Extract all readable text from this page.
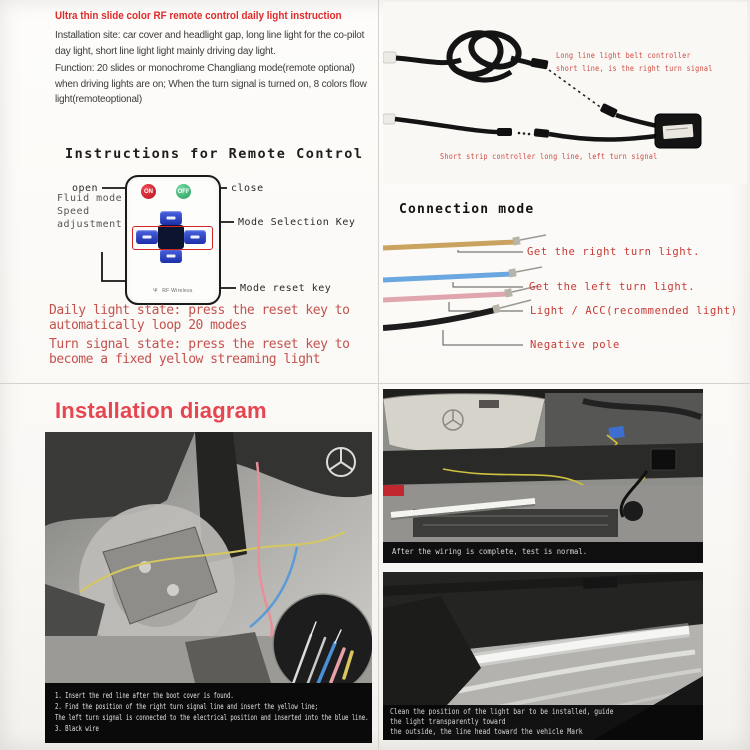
Ultra thin slide color RF remote control daily light instruction

Installation site: car cover and headlight gap, long line light for the co-pilot day light, short line light light mainly driving day light.

Function: 20 slides or monochrome Changliang mode(remote optional) when driving lights are on; When the turn signal is turned on, 8 colors flow light(remoteoptional)

Instructions for Remote Control
ON	OFF
Ψ RF Wireless
open	close
Fluid mode
Speed
adjustment	Mode Selection Key
Mode reset key

Daily light state: press the reset key to automatically loop 20 modes

Turn signal state: press the reset key to become a fixed yellow streaming light

Long line light belt controller
short line, is the right turn signal
Short strip controller long line, left turn signal
Connection mode
Get the right turn light.
Get the left turn light.
Light / ACC(recommended light)
Negative pole
Installation diagram
1. Insert the red line after the boot cover is found.
2. Find the position of the right turn signal line and insert the yellow line;
The left turn signal is connected to the electrical position and inserted into the blue line.
3. Black wire
After the wiring is complete, test is normal.
Clean the position of the light bar to be installed, guide
the light transparently toward
the outside, the line head toward the vehicle Mark
